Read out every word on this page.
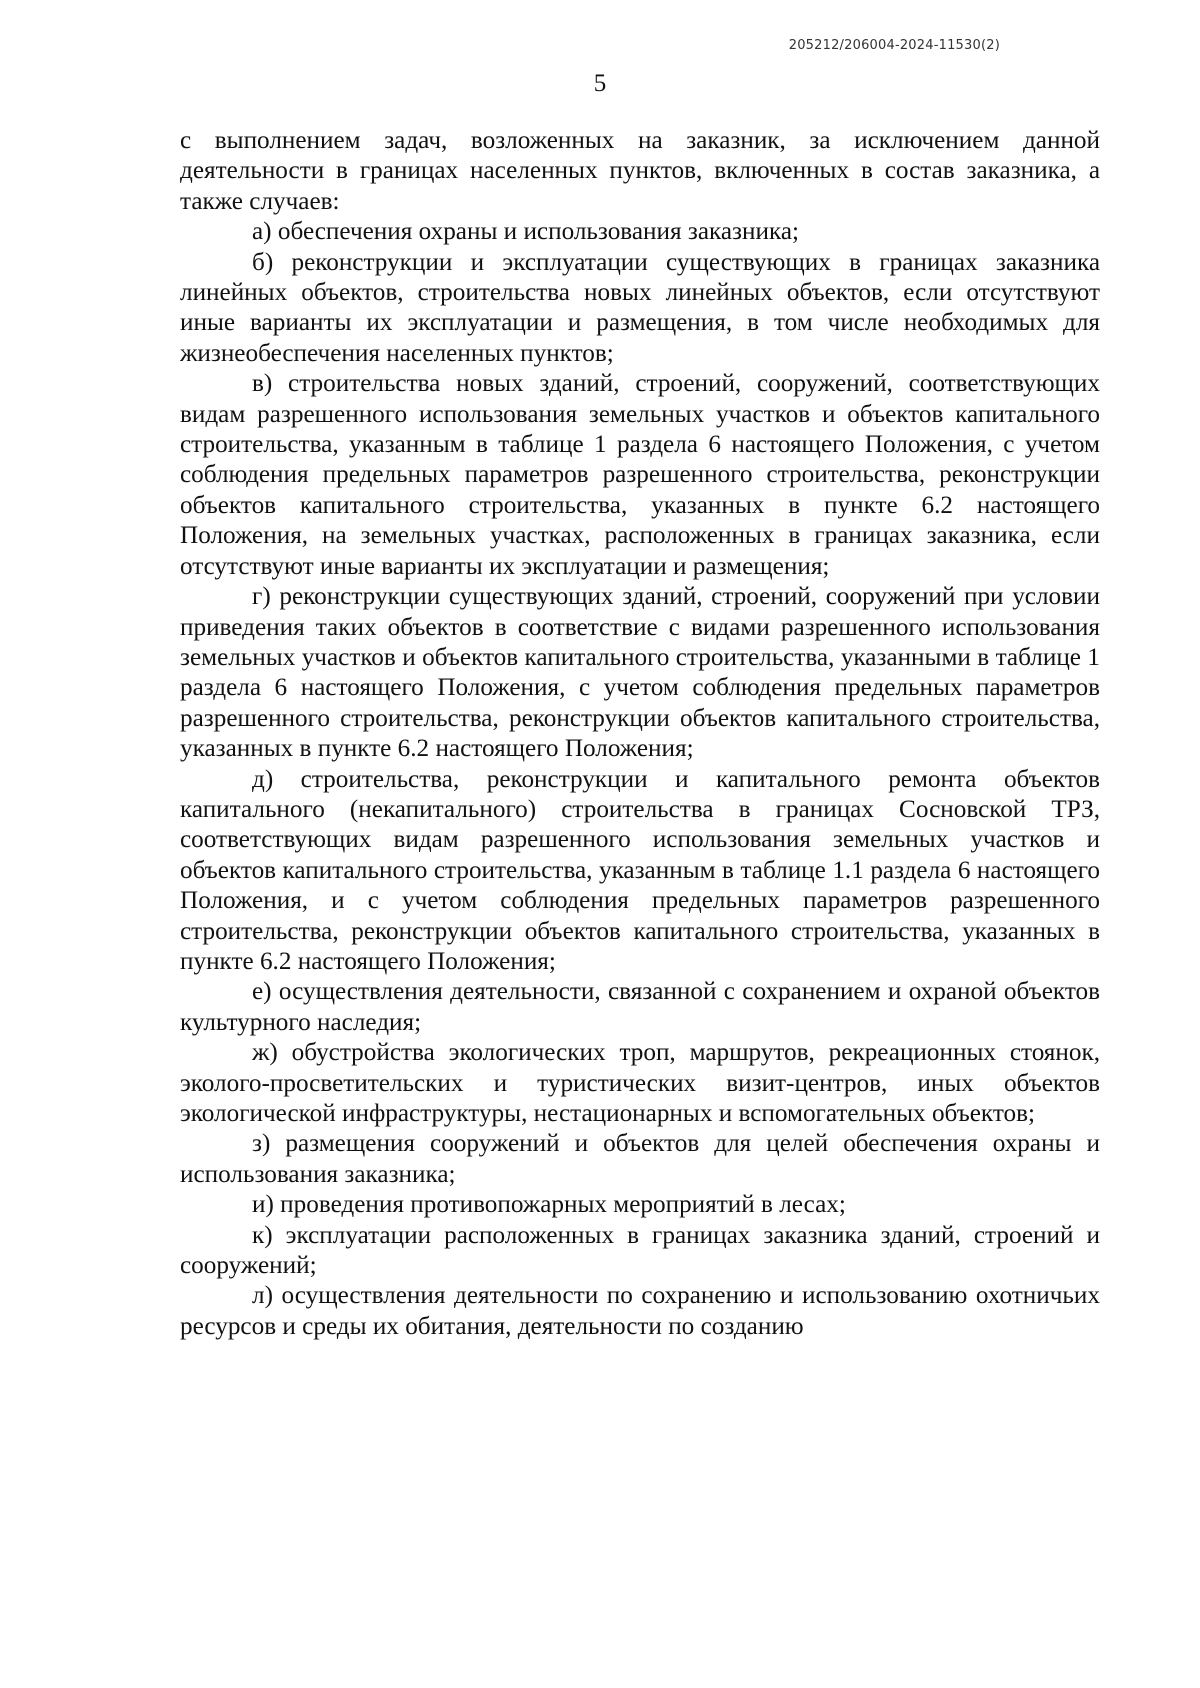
205212/206004-2024-11530(2)
5

с выполнением задач, возложенных на заказник, за исключением данной деятельности в границах населенных пунктов, включенных в состав заказника, а также случаев:

а) обеспечения охраны и использования заказника;

б) реконструкции и эксплуатации существующих в границах заказника линейных объектов, строительства новых линейных объектов, если отсутствуют иные варианты их эксплуатации и размещения, в том числе необходимых для жизнеобеспечения населенных пунктов;

в) строительства новых зданий, строений, сооружений, соответствующих видам разрешенного использования земельных участков и объектов капитального строительства, указанным в таблице 1 раздела 6 настоящего Положения, с учетом соблюдения предельных параметров разрешенного строительства, реконструкции объектов капитального строительства, указанных в пункте 6.2 настоящего Положения, на земельных участках, расположенных в границах заказника, если отсутствуют иные варианты их эксплуатации и размещения;

г) реконструкции существующих зданий, строений, сооружений при условии приведения таких объектов в соответствие с видами разрешенного использования земельных участков и объектов капитального строительства, указанными в таблице 1 раздела 6 настоящего Положения, с учетом соблюдения предельных параметров разрешенного строительства, реконструкции объектов капитального строительства, указанных в пункте 6.2 настоящего Положения;

д) строительства, реконструкции и капитального ремонта объектов капитального (некапитального) строительства в границах Сосновской ТРЗ, соответствующих видам разрешенного использования земельных участков и объектов капитального строительства, указанным в таблице 1.1 раздела 6 настоящего Положения, и с учетом соблюдения предельных параметров разрешенного строительства, реконструкции объектов капитального строительства, указанных в пункте 6.2 настоящего Положения;

е) осуществления деятельности, связанной с сохранением и охраной объектов культурного наследия;

ж) обустройства экологических троп, маршрутов, рекреационных стоянок, эколого-просветительских и туристических визит-центров, иных объектов экологической инфраструктуры, нестационарных и вспомогательных объектов;

з) размещения сооружений и объектов для целей обеспечения охраны и использования заказника;

и) проведения противопожарных мероприятий в лесах;

к) эксплуатации расположенных в границах заказника зданий, строений и сооружений;

л) осуществления деятельности по сохранению и использованию охотничьих ресурсов и среды их обитания, деятельности по созданию
